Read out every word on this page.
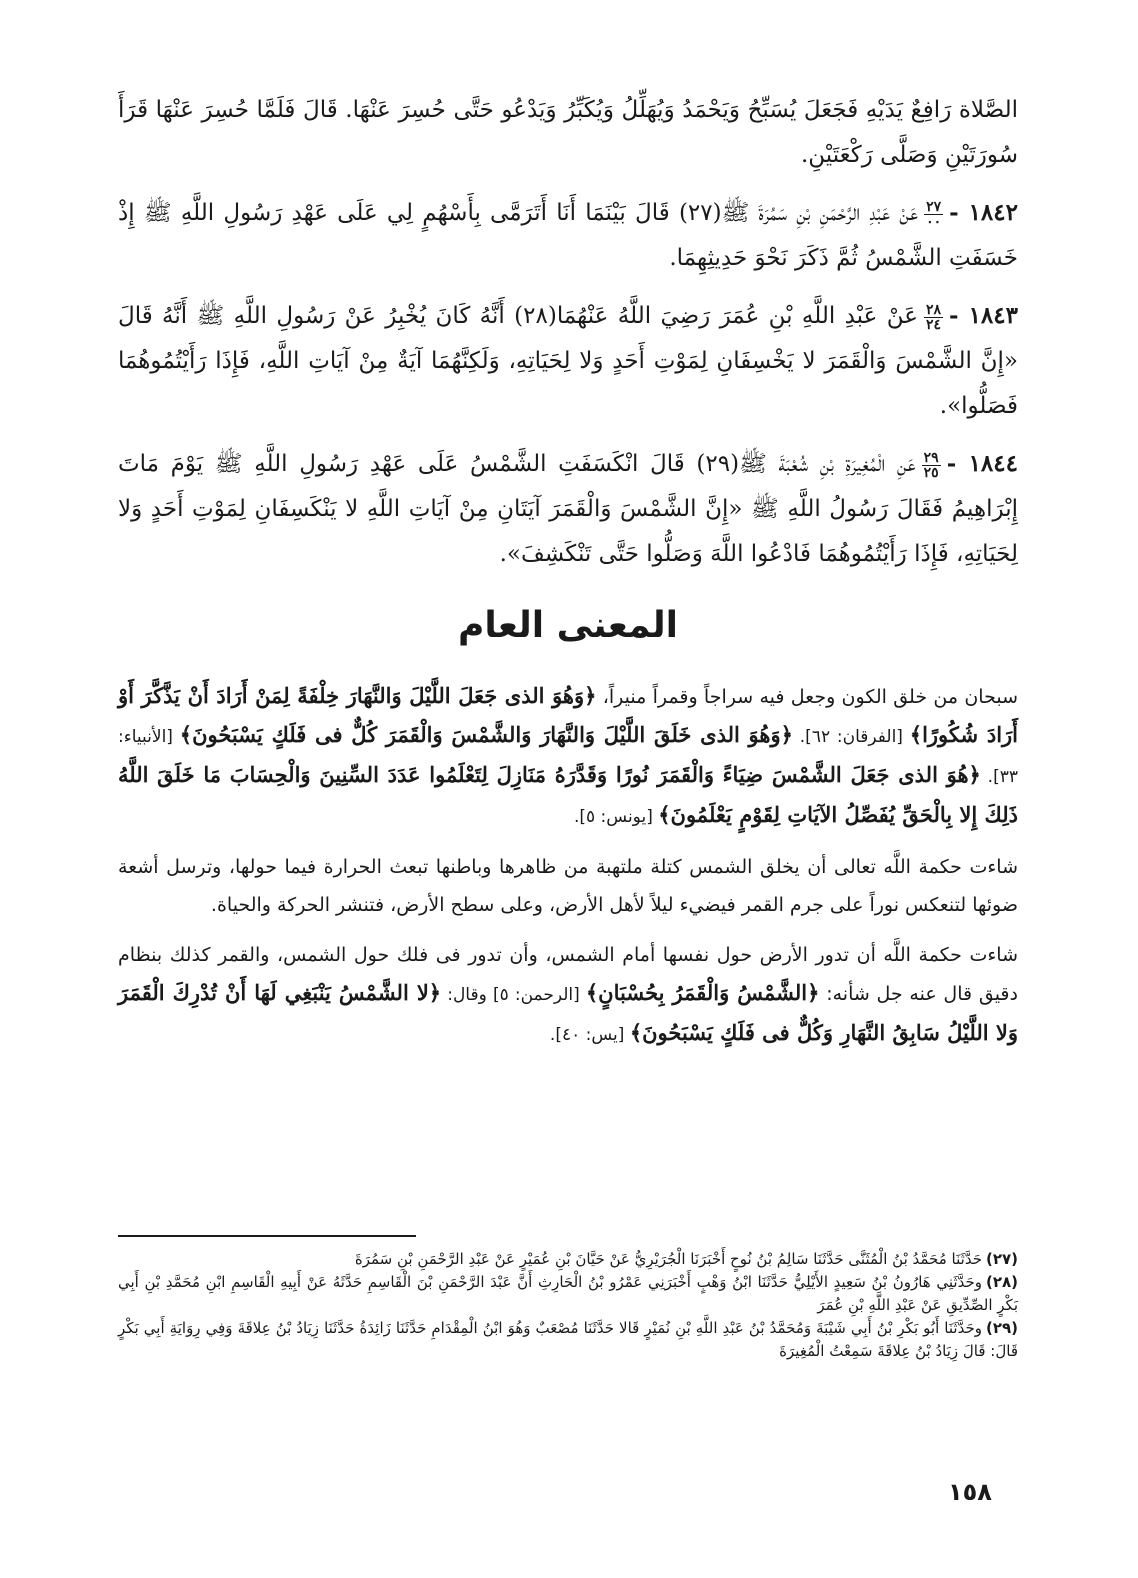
الصَّلاة رَافِعٌ يَدَيْهِ فَجَعَلَ يُسَبِّحُ وَيَحْمَدُ وَيُهَلِّلُ وَيُكَبِّرُ وَيَدْعُو حَتَّى حُسِرَ عَنْهَا. قَالَ فَلَمَّا حُسِرَ عَنْهَا قَرَأَ سُورَتَيْنِ وَصَلَّى رَكْعَتَيْنِ.

١٨٤٢ -
$\frac{٢٧}{٠٠}$
عَنْ عَبْدِ الرَّحْمَنِ بْنِ سَمُرَةَ ﷺ(٢٧) قَالَ بَيْنَمَا أَنَا أَتَرَمَّى بِأَسْهُمٍ لِي عَلَى عَهْدِ رَسُولِ اللَّهِ ﷺ إِذْ خَسَفَتِ الشَّمْسُ ثُمَّ ذَكَرَ نَحْوَ حَدِيثِهِمَا.

١٨٤٣ -
$\frac{٢٨}{٢٤}$
عَنْ عَبْدِ اللَّهِ بْنِ عُمَرَ رَضِيَ اللَّهُ عَنْهُمَا(٢٨) أَنَّهُ كَانَ يُخْبِرُ عَنْ رَسُولِ اللَّهِ ﷺ أَنَّهُ قَالَ «إِنَّ الشَّمْسَ وَالْقَمَرَ لا يَخْسِفَانِ لِمَوْتِ أَحَدٍ وَلا لِحَيَاتِهِ، وَلَكِنَّهُمَا آيَةٌ مِنْ آيَاتِ اللَّهِ، فَإِذَا رَأَيْتُمُوهُمَا فَصَلُّوا».

١٨٤٤ -
$\frac{٢٩}{٢٥}$
عَنِ الْمُغِيرَةِ بْنِ شُعْبَةَ ﷺ(٢٩) قَالَ انْكَسَفَتِ الشَّمْسُ عَلَى عَهْدِ رَسُولِ اللَّهِ ﷺ يَوْمَ مَاتَ إِبْرَاهِيمُ فَقَالَ رَسُولُ اللَّهِ ﷺ «إِنَّ الشَّمْسَ وَالْقَمَرَ آيَتَانِ مِنْ آيَاتِ اللَّهِ لا يَنْكَسِفَانِ لِمَوْتِ أَحَدٍ وَلا لِحَيَاتِهِ، فَإِذَا رَأَيْتُمُوهُمَا فَادْعُوا اللَّهَ وَصَلُّوا حَتَّى تَنْكَشِفَ».

المعنى العام

سبحان من خلق الكون وجعل فيه سراجاً وقمراً منيراً، ﴿وَهُوَ الذى جَعَلَ اللَّيْلَ وَالنَّهَارَ خِلْفَةً لِمَنْ أَرَادَ أَنْ يَذَّكَّرَ أَوْ أَرَادَ شُكُورًا﴾ [الفرقان: ٦٢]. ﴿وَهُوَ الذى خَلَقَ اللَّيْلَ وَالنَّهَارَ وَالشَّمْسَ وَالْقَمَرَ كُلٌّ فى فَلَكٍ يَسْبَحُونَ﴾ [الأنبياء: ٣٣]. ﴿هُوَ الذى جَعَلَ الشَّمْسَ ضِيَاءً وَالْقَمَرَ نُورًا وَقَدَّرَهُ مَنَازِلَ لِتَعْلَمُوا عَدَدَ السِّنِينَ وَالْحِسَابَ مَا خَلَقَ اللَّهُ ذَلِكَ إِلا بِالْحَقِّ يُفَصِّلُ الآيَاتِ لِقَوْمٍ يَعْلَمُونَ﴾ [يونس: ٥].

شاءت حكمة اللَّه تعالى أن يخلق الشمس كتلة ملتهبة من ظاهرها وباطنها تبعث الحرارة فيما حولها، وترسل أشعة ضوئها لتنعكس نوراً على جرم القمر فيضيء ليلاً لأهل الأرض، وعلى سطح الأرض، فتنشر الحركة والحياة.

شاءت حكمة اللَّه أن تدور الأرض حول نفسها أمام الشمس، وأن تدور فى فلك حول الشمس، والقمر كذلك بنظام دقيق قال عنه جل شأنه: ﴿الشَّمْسُ وَالْقَمَرُ بِحُسْبَانٍ﴾ [الرحمن: ٥] وقال: ﴿لا الشَّمْسُ يَنْبَغِي لَهَا أَنْ تُدْرِكَ الْقَمَرَ وَلا اللَّيْلُ سَابِقُ النَّهَارِ وَكُلٌّ فى فَلَكٍ يَسْبَحُونَ﴾ [يس: ٤٠].

(٢٧)حَدَّثَنَا مُحَمَّدُ بْنُ الْمُثَنَّى حَدَّثَنَا سَالِمُ بْنُ نُوحٍ أَخْبَرَنَا الْجُرَيْرِيُّ عَنْ حَيَّانَ بْنِ عُمَيْرٍ عَنْ عَبْدِ الرَّحْمَنِ بْنِ سَمُرَةَ

(٢٨)وحَدَّثَنِي هَارُونُ بْنُ سَعِيدٍ الأَيْلِيُّ حَدَّثَنَا ابْنُ وَهْبٍ أَخْبَرَنِي عَمْرُو بْنُ الْحَارِثِ أَنَّ عَبْدَ الرَّحْمَنِ بْنَ الْقَاسِمِ حَدَّثَهُ عَنْ أَبِيهِ الْقَاسِمِ ابْنِ مُحَمَّدِ بْنِ أَبِي بَكْرٍ الصِّدِّيقِ عَنْ عَبْدِ اللَّهِ بْنِ عُمَرَ

(٢٩)وحَدَّثَنَا أَبُو بَكْرِ بْنُ أَبِي شَيْبَةَ وَمُحَمَّدُ بْنُ عَبْدِ اللَّهِ بْنِ نُمَيْرٍ قَالا حَدَّثَنَا مُصْعَبٌ وَهُوَ ابْنُ الْمِقْدَامِ حَدَّثَنَا زَائِدَةُ حَدَّثَنَا زِيَادُ بْنُ عِلاقَةَ وَفِي رِوَايَةِ أَبِي بَكْرٍ قَالَ: قَالَ زِيَادُ بْنُ عِلاقَةَ سَمِعْتُ الْمُغِيرَةَ

١٥٨
